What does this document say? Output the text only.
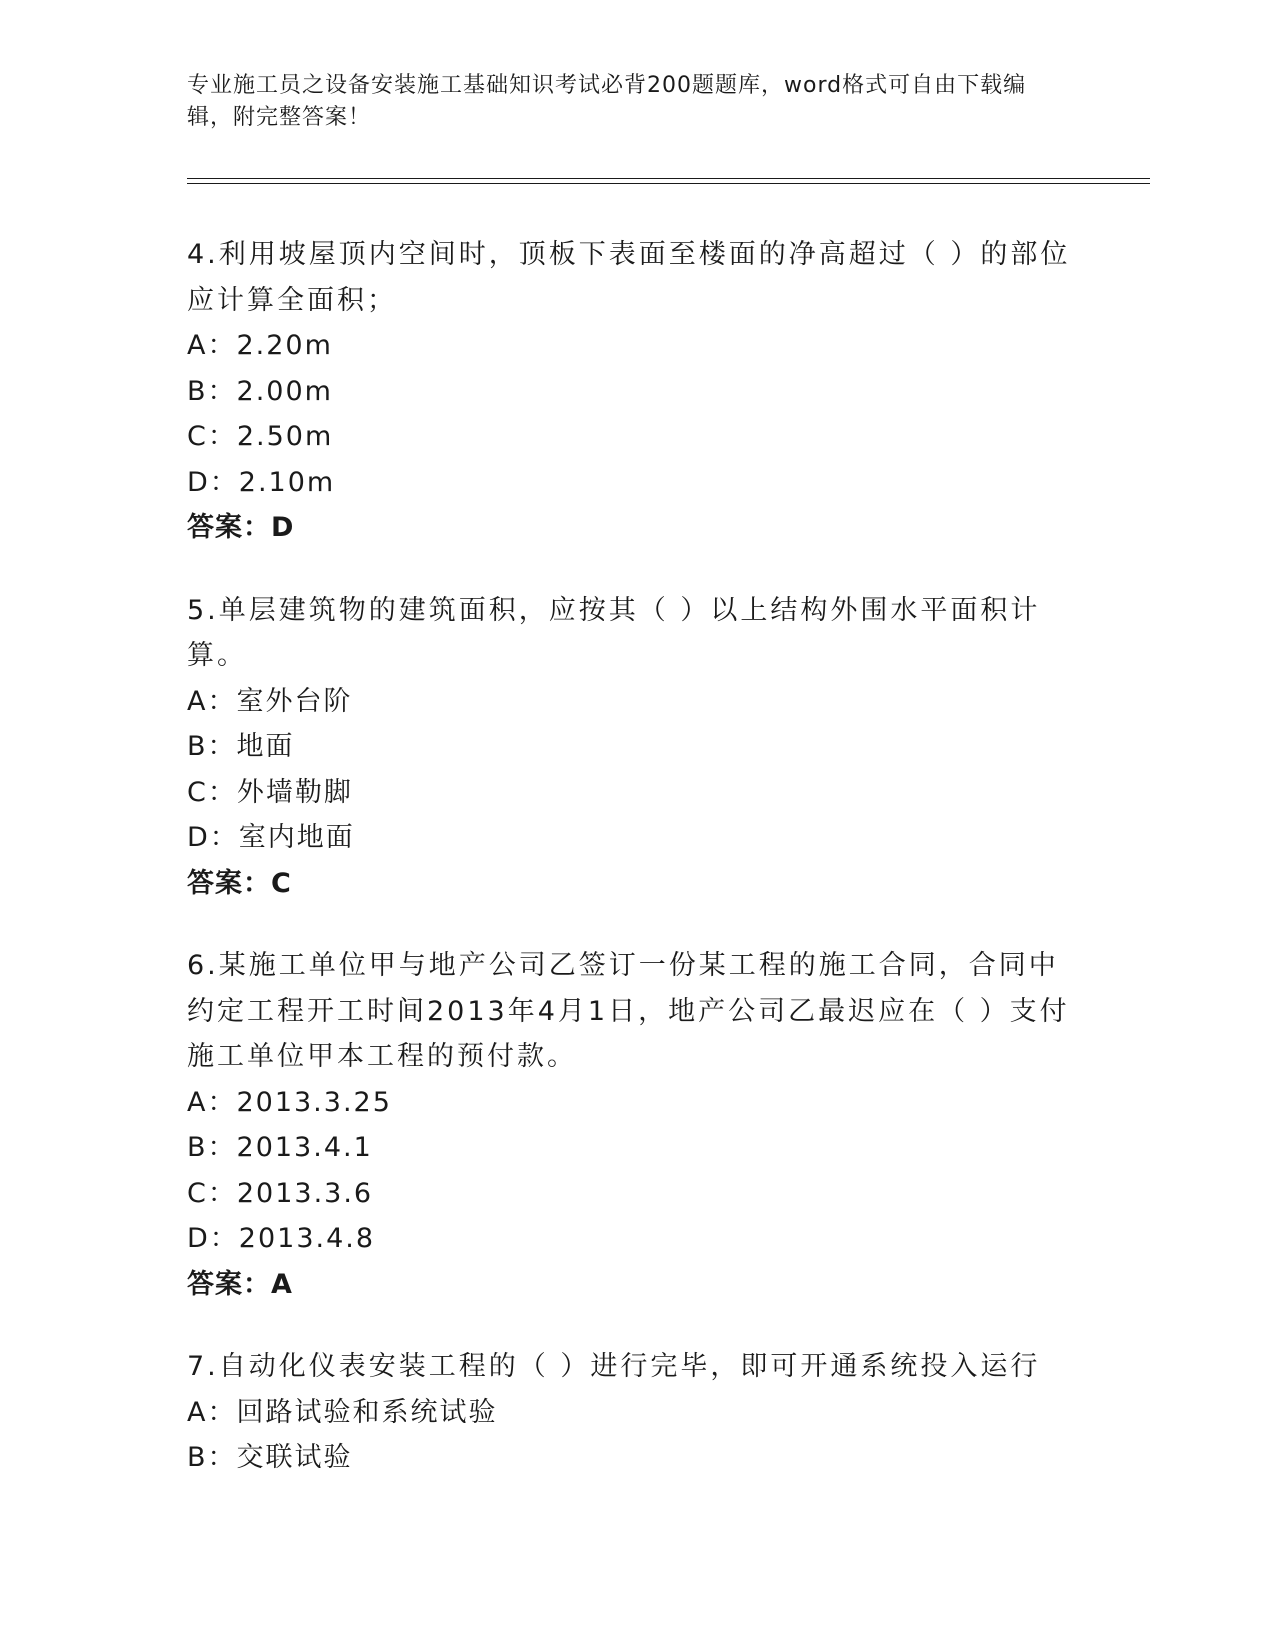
专业施工员之设备安装施工基础知识考试必背200题题库，word格式可自由下载编辑，附完整答案！

4.利用坡屋顶内空间时，顶板下表面至楼面的净高超过（ ）的部位应计算全面积；

A：2.20m
B：2.00m
C：2.50m
D：2.10m
答案：D

5.单层建筑物的建筑面积，应按其（ ）以上结构外围水平面积计算。

A：室外台阶
B：地面
C：外墙勒脚
D：室内地面
答案：C

6.某施工单位甲与地产公司乙签订一份某工程的施工合同，合同中约定工程开工时间2013年4月1日，地产公司乙最迟应在（ ）支付施工单位甲本工程的预付款。

A：2013.3.25
B：2013.4.1
C：2013.3.6
D：2013.4.8
答案：A

7.自动化仪表安装工程的（ ）进行完毕，即可开通系统投入运行

A：回路试验和系统试验
B：交联试验
